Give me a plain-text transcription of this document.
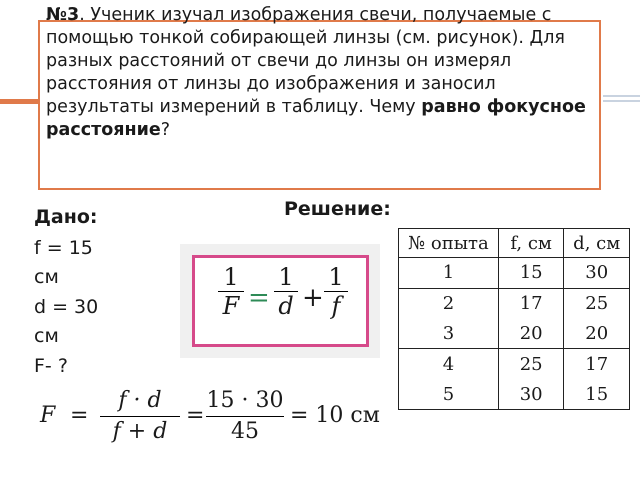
№3. Ученик изучал изображения свечи, получаемые с помощью тонкой собирающей линзы (см. рисунок). Для разных расстояний от свечи до линзы он измерял расстояния от линзы до изображения и заносил результаты измерений в таблицу. Чему равно фокусное расстояние?
Дано:
f = 15
см
d = 30
см
F- ?
Решение:
1
F =
1
d +
1
f
№ опыта	f, см	d, см
1	15	30
2	17	25
3	20	20
4	25	17
5	30	15
F =
f · d
f + d
=
15 · 30
45
= 10 см
